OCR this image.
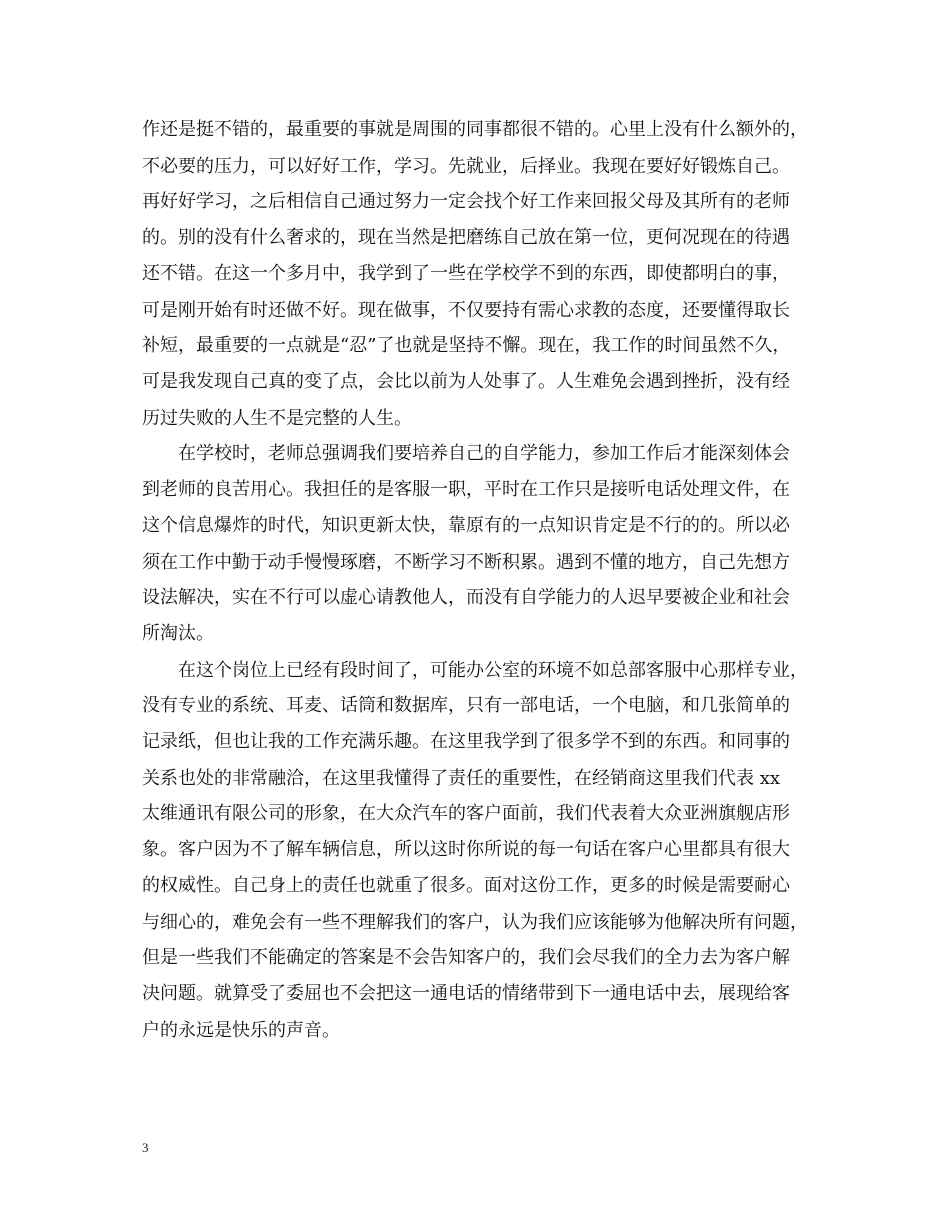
作还是挺不错的，最重要的事就是周围的同事都很不错的。心里上没有什么额外的，
不必要的压力，可以好好工作，学习。先就业，后择业。我现在要好好锻炼自己。
再好好学习，之后相信自己通过努力一定会找个好工作来回报父母及其所有的老师
的。别的没有什么奢求的，现在当然是把磨练自己放在第一位，更何况现在的待遇
还不错。在这一个多月中，我学到了一些在学校学不到的东西，即使都明白的事，
可是刚开始有时还做不好。现在做事，不仅要持有需心求教的态度，还要懂得取长
补短，最重要的一点就是“忍”了也就是坚持不懈。现在，我工作的时间虽然不久，
可是我发现自己真的变了点，会比以前为人处事了。人生难免会遇到挫折，没有经
历过失败的人生不是完整的人生。
在学校时，老师总强调我们要培养自己的自学能力，参加工作后才能深刻体会
到老师的良苦用心。我担任的是客服一职，平时在工作只是接听电话处理文件，在
这个信息爆炸的时代，知识更新太快，靠原有的一点知识肯定是不行的的。所以必
须在工作中勤于动手慢慢琢磨，不断学习不断积累。遇到不懂的地方，自己先想方
设法解决，实在不行可以虚心请教他人，而没有自学能力的人迟早要被企业和社会
所淘汰。
在这个岗位上已经有段时间了，可能办公室的环境不如总部客服中心那样专业，
没有专业的系统、耳麦、话筒和数据库，只有一部电话，一个电脑，和几张简单的
记录纸，但也让我的工作充满乐趣。在这里我学到了很多学不到的东西。和同事的
关系也处的非常融洽，在这里我懂得了责任的重要性，在经销商这里我们代表 xx
太维通讯有限公司的形象，在大众汽车的客户面前，我们代表着大众亚洲旗舰店形
象。客户因为不了解车辆信息，所以这时你所说的每一句话在客户心里都具有很大
的权威性。自己身上的责任也就重了很多。面对这份工作，更多的时候是需要耐心
与细心的，难免会有一些不理解我们的客户，认为我们应该能够为他解决所有问题，
但是一些我们不能确定的答案是不会告知客户的，我们会尽我们的全力去为客户解
决问题。就算受了委屈也不会把这一通电话的情绪带到下一通电话中去，展现给客
户的永远是快乐的声音。
3
